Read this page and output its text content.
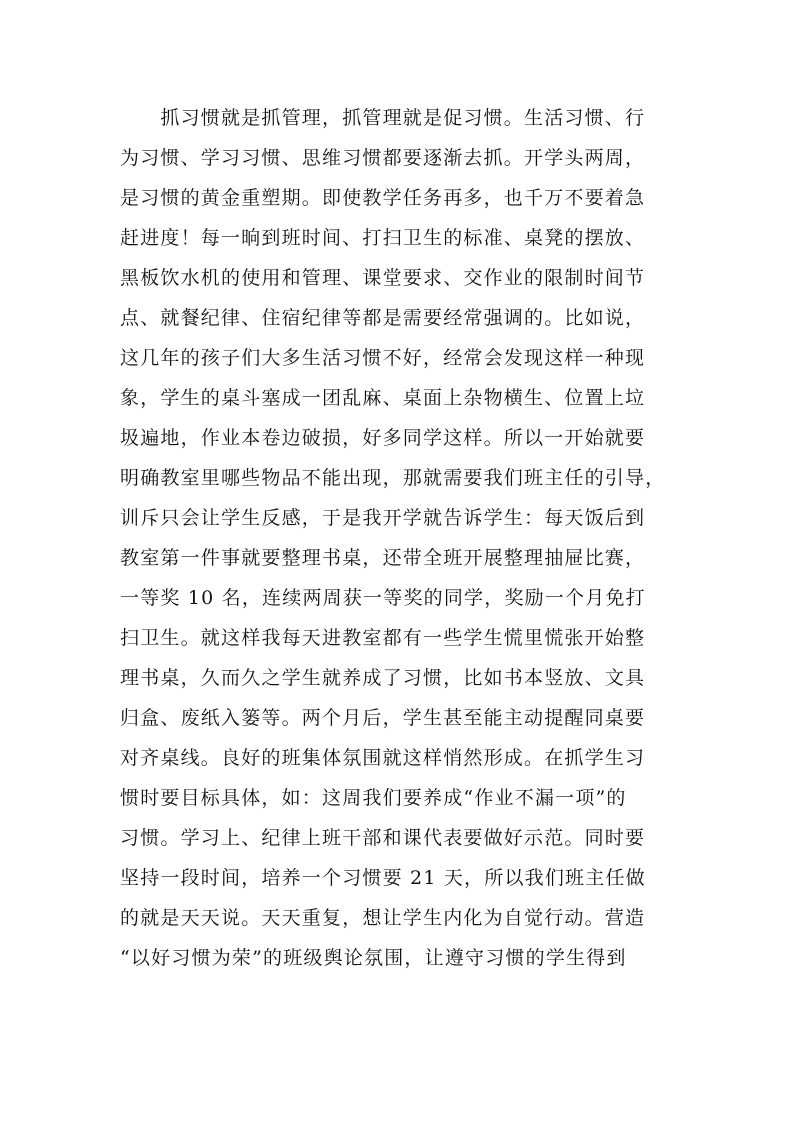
　　抓习惯就是抓管理，抓管理就是促习惯。生活习惯、行
为习惯、学习习惯、思维习惯都要逐渐去抓。开学头两周，
是习惯的黄金重塑期。即使教学任务再多，也千万不要着急
赶进度！每一晌到班时间、打扫卫生的标准、桌凳的摆放、
黑板饮水机的使用和管理、课堂要求、交作业的限制时间节
点、就餐纪律、住宿纪律等都是需要经常强调的。比如说，
这几年的孩子们大多生活习惯不好，经常会发现这样一种现
象，学生的桌斗塞成一团乱麻、桌面上杂物横生、位置上垃
圾遍地，作业本卷边破损，好多同学这样。所以一开始就要
明确教室里哪些物品不能出现，那就需要我们班主任的引导，
训斥只会让学生反感，于是我开学就告诉学生：每天饭后到
教室第一件事就要整理书桌，还带全班开展整理抽屉比赛，
一等奖 10 名，连续两周获一等奖的同学，奖励一个月免打
扫卫生。就这样我每天进教室都有一些学生慌里慌张开始整
理书桌，久而久之学生就养成了习惯，比如书本竖放、文具
归盒、废纸入篓等。两个月后，学生甚至能主动提醒同桌要
对齐桌线。良好的班集体氛围就这样悄然形成。在抓学生习
惯时要目标具体，如：这周我们要养成“作业不漏一项”的
习惯。学习上、纪律上班干部和课代表要做好示范。同时要
坚持一段时间，培养一个习惯要 21 天，所以我们班主任做
的就是天天说。天天重复，想让学生内化为自觉行动。营造
“以好习惯为荣”的班级舆论氛围，让遵守习惯的学生得到
